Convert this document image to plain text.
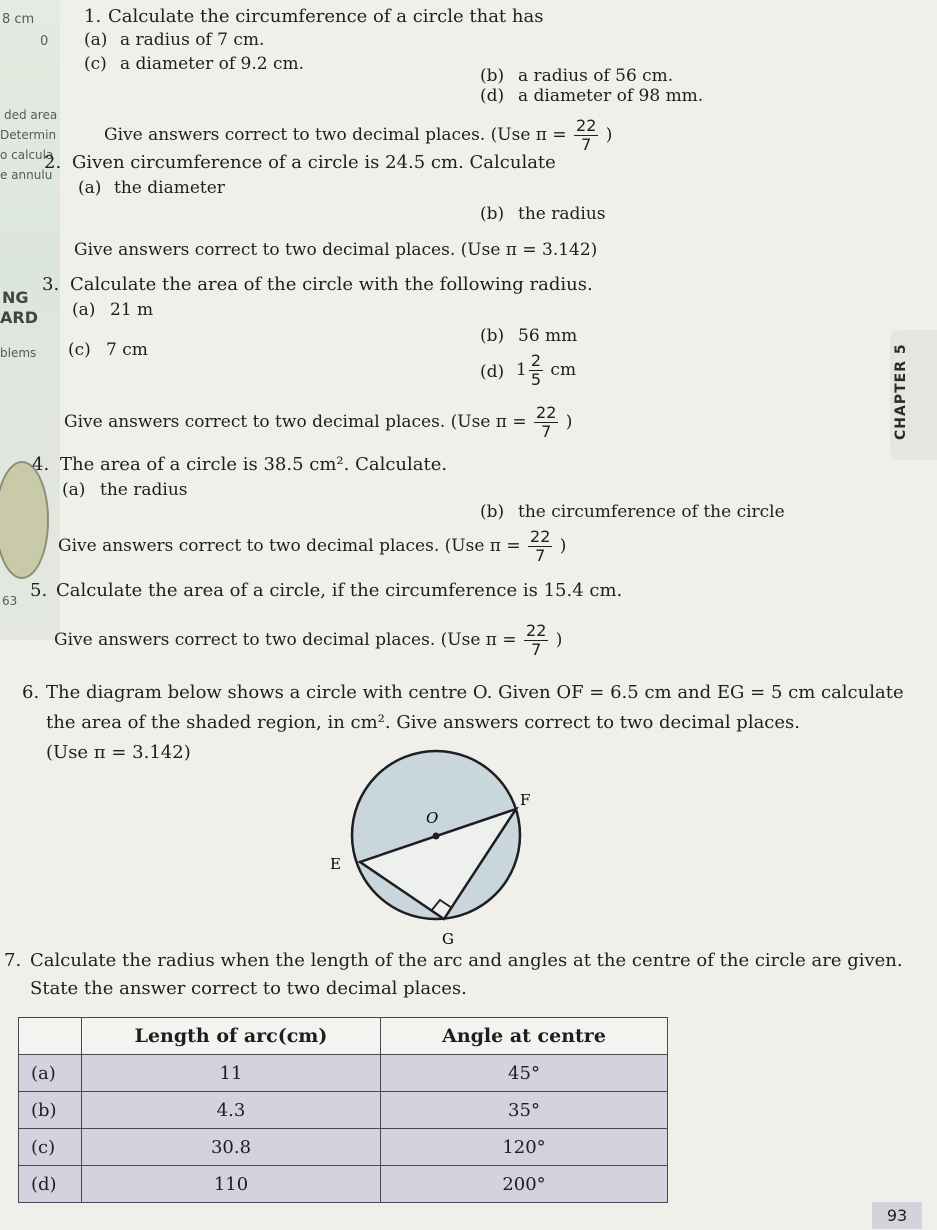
8 cm
0
ded area
Determin
o calcula
e annulu
NG
ARD
blems
63
CHAPTER 5
1. Calculate the circumference of a circle that has
(a) a radius of 7 cm.
(c) a diameter of 9.2 cm.
(b) a radius of 56 cm.
(d) a diameter of 98 mm.
Give answers correct to two decimal places. (Use $\pi = \frac{22}{7}$ )
2. Given circumference of a circle is 24.5 cm. Calculate
(a) the diameter
(b) the radius
Give answers correct to two decimal places. (Use π = 3.142)
3. Calculate the area of the circle with the following radius.
(a) 21 m
(b) 56 mm
(c) 7 cm
(d) $1 \frac{2}{5}$ cm
Give answers correct to two decimal places. (Use $\pi = \frac{22}{7}$ )
4. The area of a circle is 38.5 cm². Calculate.
(a) the radius
(b) the circumference of the circle
Give answers correct to two decimal places. (Use $\pi = \frac{22}{7}$ )
5. Calculate the area of a circle, if the circumference is 15.4 cm.
Give answers correct to two decimal places. (Use $\pi = \frac{22}{7}$ )
6. The diagram below shows a circle with centre O. Given OF = 6.5 cm and EG = 5 cm calculate
the area of the shaded region, in cm². Give answers correct to two decimal places.
(Use π = 3.142)
O
F
E
G
7. Calculate the radius when the length of the arc and angles at the centre of the circle are given.
State the answer correct to two decimal places.
	Length of arc(cm)	Angle at centre
(a)	11	45°
(b)	4.3	35°
(c)	30.8	120°
(d)	110	200°
93
